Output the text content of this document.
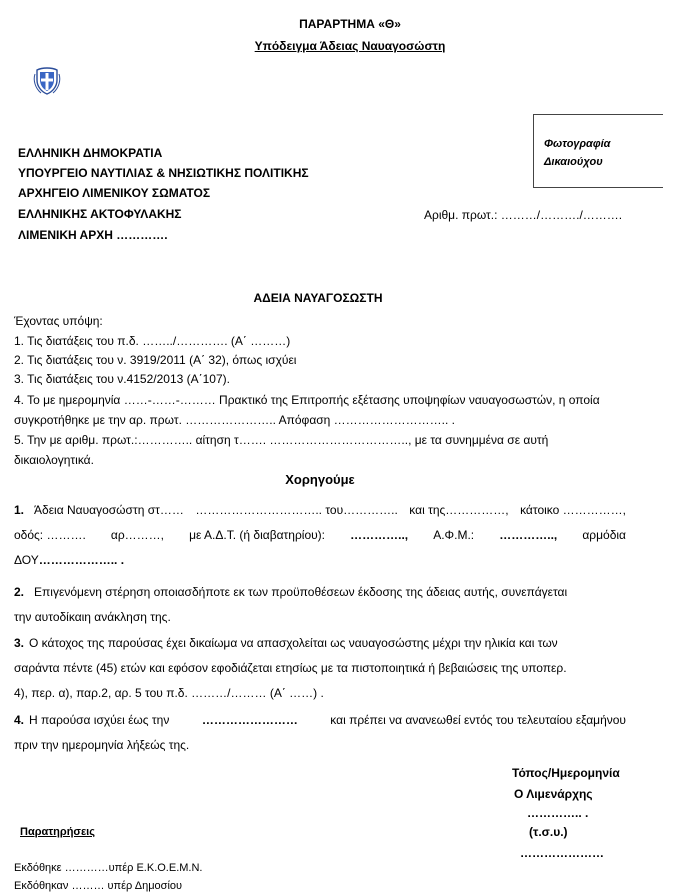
ΠΑΡΑΡΤΗΜΑ «Θ»
Υπόδειγμα Άδειας Ναυαγοσώστη
ΕΛΛΗΝΙΚΗ ΔΗΜΟΚΡΑΤΙΑ
ΥΠΟΥΡΓΕΙΟ ΝΑΥΤΙΛΙΑΣ & ΝΗΣΙΩΤΙΚΗΣ ΠΟΛΙΤΙΚΗΣ
ΑΡΧΗΓΕΙΟ ΛΙΜΕΝΙΚΟΥ ΣΩΜΑΤΟΣ
ΕΛΛΗΝΙΚΗΣ ΑΚΤΟΦΥΛΑΚΗΣ
ΛΙΜΕΝΙΚΗ ΑΡΧΗ ………….
Φωτογραφία
Δικαιούχου
Αριθμ. πρωτ.: ………/………./……….
ΑΔΕΙΑ ΝΑΥΑΓΟΣΩΣΤΗ
Έχοντας υπόψη:
1. Τις διατάξεις του π.δ. ……../…………. (Α΄ ………)
2. Τις διατάξεις του ν. 3919/2011 (Α΄ 32), όπως ισχύει
3. Τις διατάξεις του ν.4152/2013 (Α΄107).
4. Το με ημερομηνία ……-……-……… Πρακτικό της Επιτροπής εξέτασης υποψηφίων ναυαγοσωστών, η οποία
συγκροτήθηκε με την αρ. πρωτ. ………………….. Απόφαση ……………………….. .
5. Την με αριθμ. πρωτ.:………….. αίτηση τ……. …………………………….., με τα συνημμένα σε αυτή
δικαιολογητικά.
Χορηγούμε
1. Άδεια Ναυαγοσώστη στ…… ………………………….. του………….. και της……………, κάτοικο ……………,
οδός: ………. αρ………, με Α.Δ.Τ. (ή διαβατηρίου): ………….., Α.Φ.Μ.: ………….., αρμόδια
ΔΟΥ……………….. .
2. Επιγενόμενη στέρηση οποιασδήποτε εκ των προϋποθέσεων έκδοσης της άδειας αυτής, συνεπάγεται
την αυτοδίκαιη ανάκληση της.
3. Ο κάτοχος της παρούσας έχει δικαίωμα να απασχολείται ως ναυαγοσώστης μέχρι την ηλικία και των
σαράντα πέντε (45) ετών και εφόσον εφοδιάζεται ετησίως με τα πιστοποιητικά ή βεβαιώσεις της υποπερ.
4), περ. α), παρ.2, αρ. 5 του π.δ. ………/……… (Α΄ ……) .
4. Η παρούσα ισχύει έως την	……………………	και πρέπει να ανανεωθεί εντός του τελευταίου εξαμήνου
πριν την ημερομηνία λήξεώς της.
Τόπος/Ημερομηνία
Ο Λιμενάρχης
………….. .
(τ.σ.υ.)
…………………
Παρατηρήσεις
Εκδόθηκε …………υπέρ Ε.Κ.Ο.Ε.Μ.Ν.
Εκδόθηκαν ……… υπέρ Δημοσίου
